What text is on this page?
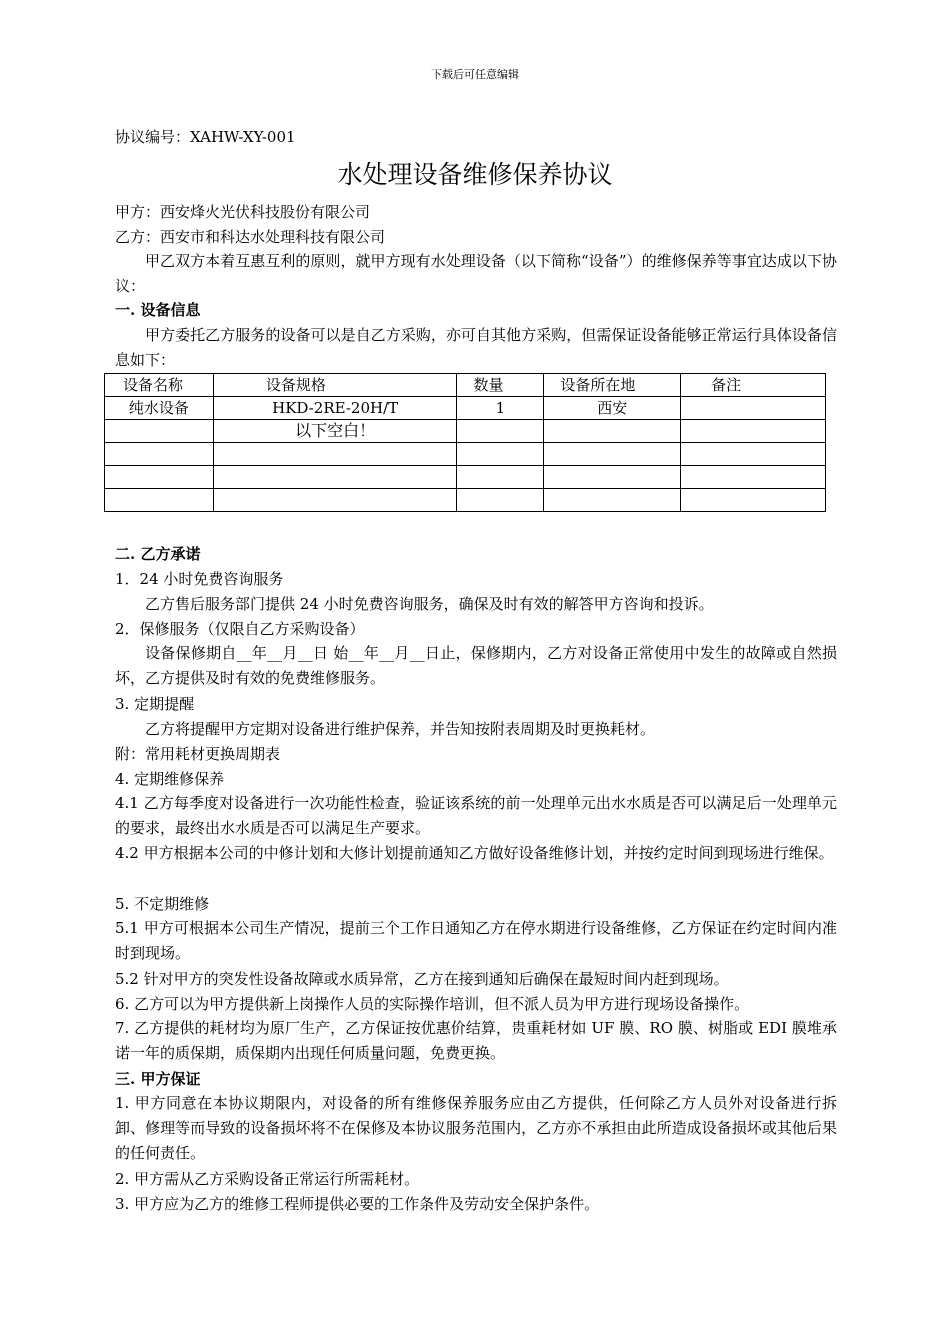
下载后可任意编辑
协议编号：XAHW-XY-001
水处理设备维修保养协议
甲方：西安烽火光伏科技股份有限公司
乙方：西安市和科达水处理科技有限公司
甲乙双方本着互惠互利的原则，就甲方现有水处理设备（以下简称“设备”）的维修保养等事宜达成以下协议：
一. 设备信息
甲方委托乙方服务的设备可以是自乙方采购，亦可自其他方采购，但需保证设备能够正常运行具体设备信息如下：
设备名称	设备规格	数量	设备所在地	备注
纯水设备	HKD-2RE-20H/T	1	西安	
	以下空白！			

二. 乙方承诺
1．24 小时免费咨询服务
乙方售后服务部门提供 24 小时免费咨询服务，确保及时有效的解答甲方咨询和投诉。
2．保修服务（仅限自乙方采购设备）
设备保修期自__年__月__日 始__年__月__日止，保修期内，乙方对设备正常使用中发生的故障或自然损坏，乙方提供及时有效的免费维修服务。
3. 定期提醒
乙方将提醒甲方定期对设备进行维护保养，并告知按附表周期及时更换耗材。
附：常用耗材更换周期表
4. 定期维修保养
4.1 乙方每季度对设备进行一次功能性检查，验证该系统的前一处理单元出水水质是否可以满足后一处理单元的要求，最终出水水质是否可以满足生产要求。
4.2 甲方根据本公司的中修计划和大修计划提前通知乙方做好设备维修计划，并按约定时间到现场进行维保。
5. 不定期维修
5.1 甲方可根据本公司生产情况，提前三个工作日通知乙方在停水期进行设备维修，乙方保证在约定时间内准时到现场。
5.2 针对甲方的突发性设备故障或水质异常，乙方在接到通知后确保在最短时间内赶到现场。
6. 乙方可以为甲方提供新上岗操作人员的实际操作培训，但不派人员为甲方进行现场设备操作。
7. 乙方提供的耗材均为原厂生产，乙方保证按优惠价结算，贵重耗材如 UF 膜、RO 膜、树脂或 EDI 膜堆承诺一年的质保期，质保期内出现任何质量问题，免费更换。
三. 甲方保证
1. 甲方同意在本协议期限内，对设备的所有维修保养服务应由乙方提供，任何除乙方人员外对设备进行拆卸、修理等而导致的设备损坏将不在保修及本协议服务范围内，乙方亦不承担由此所造成设备损坏或其他后果的任何责任。
2. 甲方需从乙方采购设备正常运行所需耗材。
3. 甲方应为乙方的维修工程师提供必要的工作条件及劳动安全保护条件。
